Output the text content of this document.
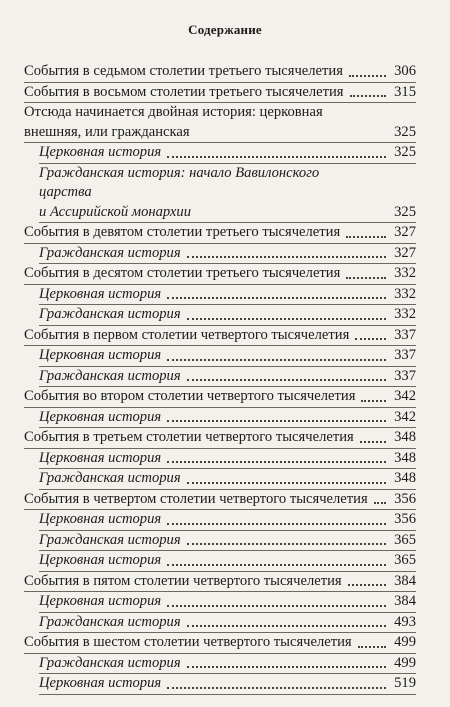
Содержание
События в седьмом столетии третьего тысячелетия	306
События в восьмом столетии третьего тысячелетия	315
Отсюда начинается двойная история: церковная
внешняя, или гражданская	325
Церковная история	325
Гражданская история: начало Вавилонского царства
и Ассирийской монархии	325
События в девятом столетии третьего тысячелетия	327
Гражданская история	327
События в десятом столетии третьего тысячелетия	332
Церковная история	332
Гражданская история	332
События в первом столетии четвертого тысячелетия	337
Церковная история	337
Гражданская история	337
События во втором столетии четвертого тысячелетия	342
Церковная история	342
События в третьем столетии четвертого тысячелетия	348
Церковная история	348
Гражданская история	348
События в четвертом столетии четвертого тысячелетия	356
Церковная история	356
Гражданская история	365
Церковная история	365
События в пятом столетии четвертого тысячелетия	384
Церковная история	384
Гражданская история	493
События в шестом столетии четвертого тысячелетия	499
Гражданская история	499
Церковная история	519
